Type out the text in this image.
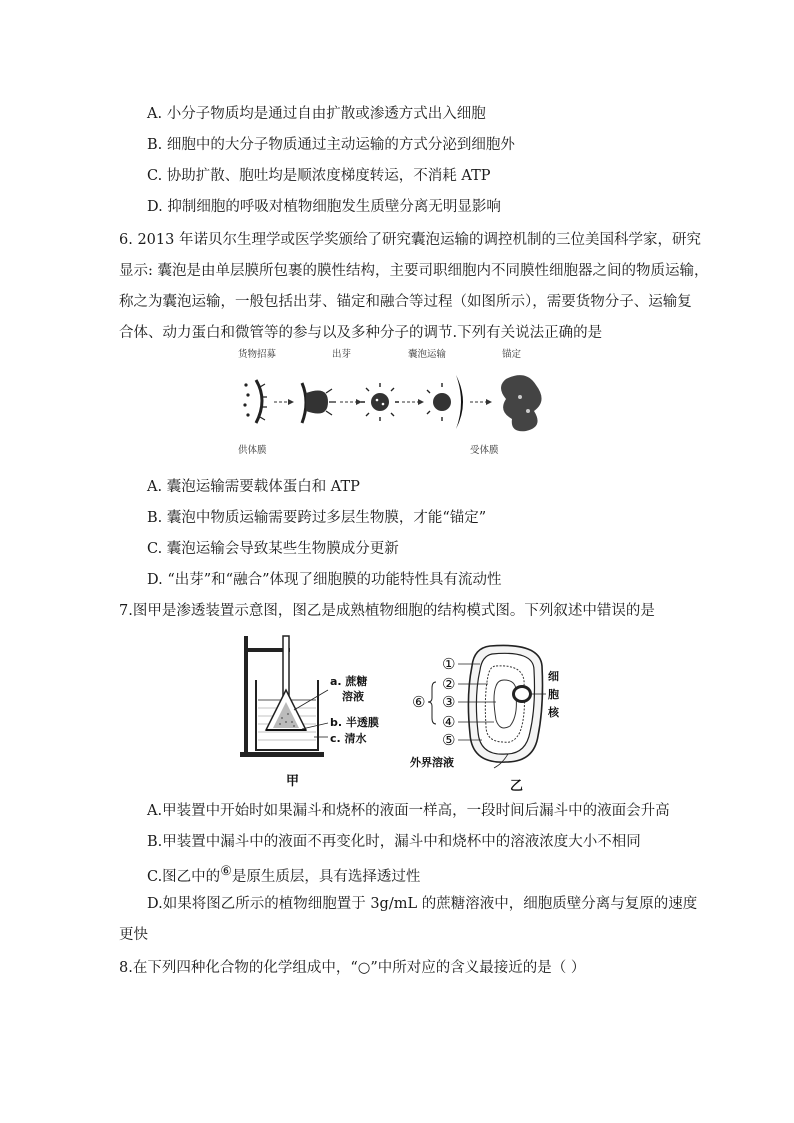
A. 小分子物质均是通过自由扩散或渗透方式出入细胞
B. 细胞中的大分子物质通过主动运输的方式分泌到细胞外
C. 协助扩散、胞吐均是顺浓度梯度转运，不消耗 ATP
D. 抑制细胞的呼吸对植物细胞发生质壁分离无明显影响
6. 2013 年诺贝尔生理学或医学奖颁给了研究囊泡运输的调控机制的三位美国科学家，研究
显示: 囊泡是由单层膜所包裹的膜性结构，主要司职细胞内不同膜性细胞器之间的物质运输，
称之为囊泡运输，一般包括出芽、锚定和融合等过程（如图所示），需要货物分子、运输复
合体、动力蛋白和微管等的参与以及多种分子的调节.下列有关说法正确的是
货物招募	出芽	囊泡运输	锚定
供体膜	受体膜
A. 囊泡运输需要载体蛋白和 ATP
B. 囊泡中物质运输需要跨过多层生物膜，才能“锚定”
C. 囊泡运输会导致某些生物膜成分更新
D. “出芽”和“融合”体现了细胞膜的功能特性具有流动性
7.图甲是渗透装置示意图，图乙是成熟植物细胞的结构模式图。下列叙述中错误的是
a. 蔗糖
溶液
b. 半透膜
c. 清水
甲
①
②
③
④
⑤
⑥
细
胞
核
外界溶液
乙
A.甲装置中开始时如果漏斗和烧杯的液面一样高，一段时间后漏斗中的液面会升高
B.甲装置中漏斗中的液面不再变化时，漏斗中和烧杯中的溶液浓度大小不相同
C.图乙中的⑥是原生质层，具有选择透过性
D.如果将图乙所示的植物细胞置于 3g/mL 的蔗糖溶液中，细胞质壁分离与复原的速度
更快
8.在下列四种化合物的化学组成中，“○”中所对应的含义最接近的是（ ）
